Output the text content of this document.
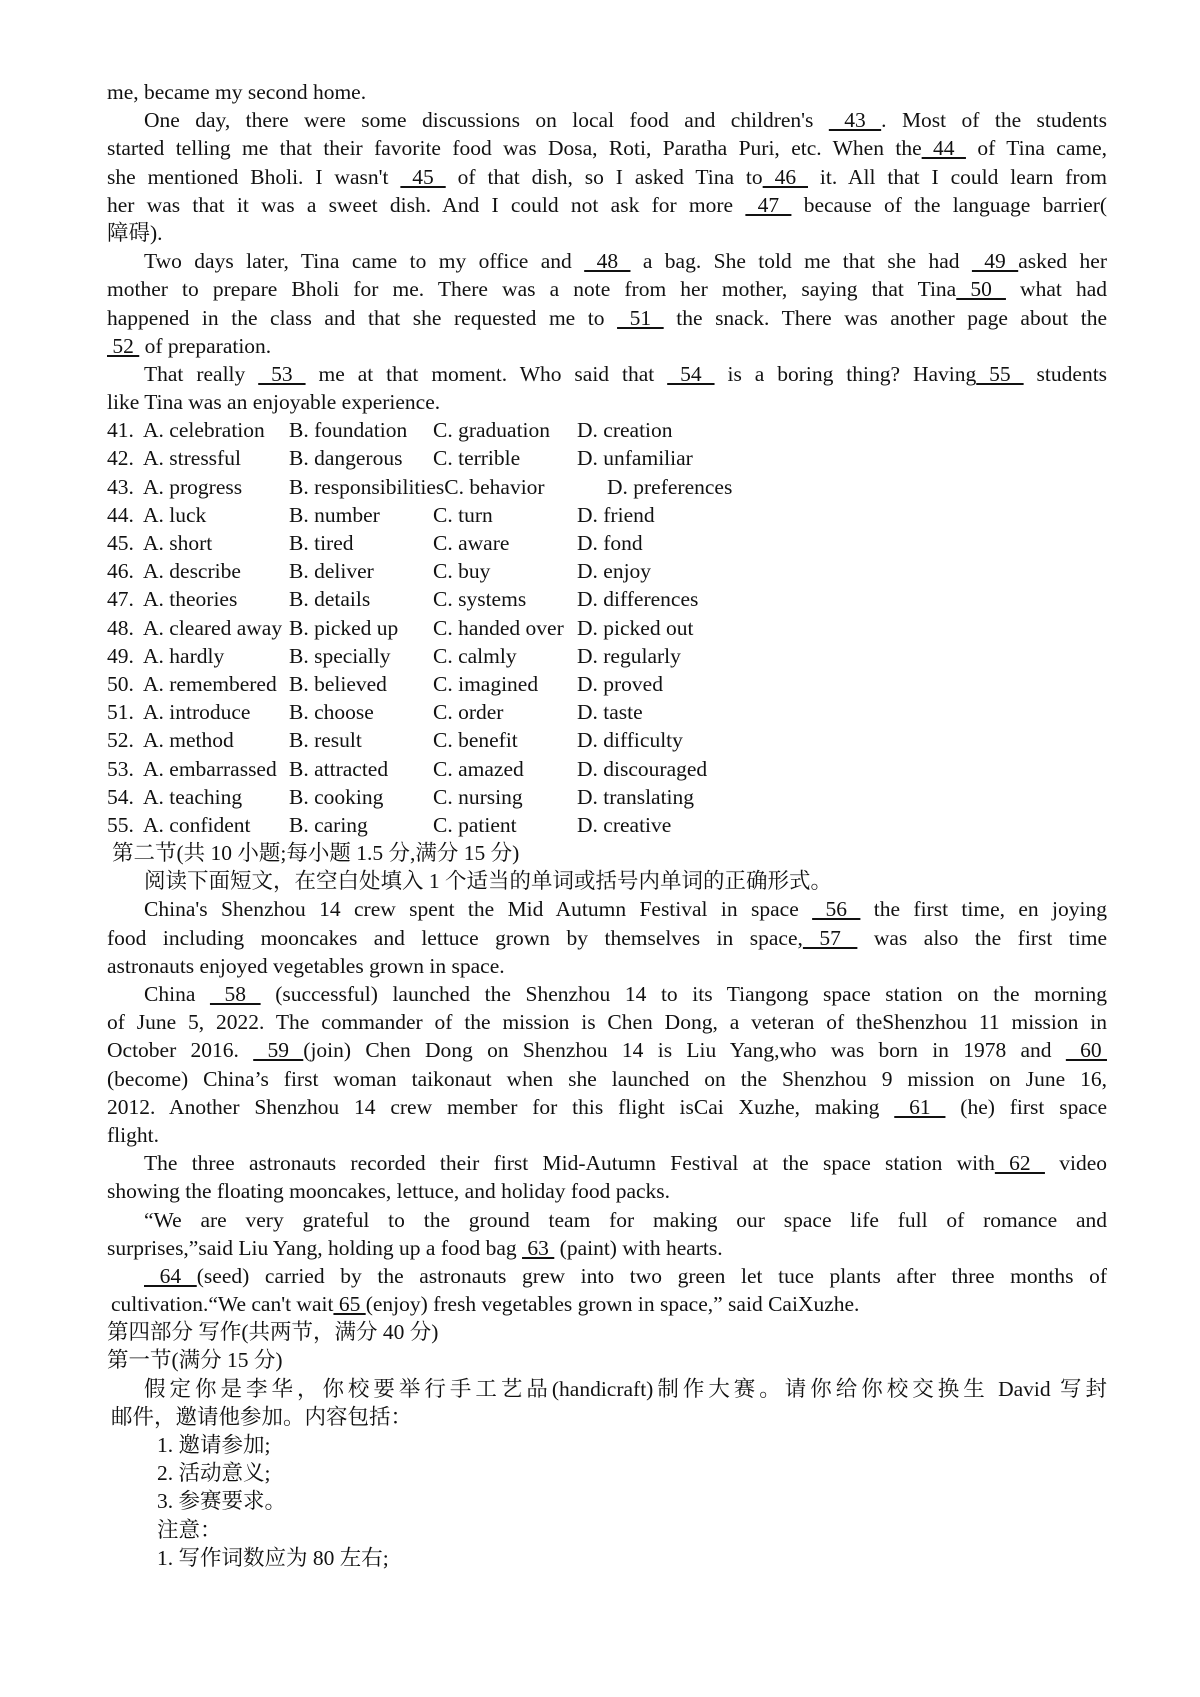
me, became my second home.
One day, there were some discussions on local food and children's  43 . Most of the students
started telling me that their favorite food was Dosa, Roti, Paratha Puri, etc. When the 44  of Tina came,
she mentioned Bholi. I wasn't  45  of that dish, so I asked Tina to 46  it. All that I could learn from
her was that it was a sweet dish. And I could not ask for more  47  because of the language barrier(
障碍).
Two days later, Tina came to my office and  48  a bag. She told me that she had  49 asked her
mother to prepare Bholi for me. There was a note from her mother, saying that Tina 50  what had
happened in the class and that she requested me to  51  the snack. There was another page about the
52  of preparation.
That really  53  me at that moment. Who said that  54  is a boring thing? Having 55  students
like Tina was an enjoyable experience.
41. A. celebration B. foundation C. graduation D. creation
42. A. stressful B. dangerous C. terrible	D. unfamiliar
43. A. progress B. responsibilitiesC. behavior	D. preferences
44. A. luck	B. number C. turn	D. friend
45. A. short	B. tired	C. aware	D. fond
46. A. describe B. deliver	C. buy	D. enjoy
47. A. theories B. details	C. systems D. differences
48. A. cleared away B. picked up C. handed over D. picked out
49. A. hardly	B. specially C. calmly	D. regularly
50. A. remembered B. believed C. imagined D. proved
51. A. introduce B. choose	C. order	D. taste
52. A. method	B. result	C. benefit	D. difficulty
53. A. embarrassed B. attracted C. amazed D. discouraged
54. A. teaching B. cooking C. nursing	D. translating
55. A. confident B. caring	C. patient	D. creative
第二节(共 10 小题;每小题 1.5 分,满分 15 分)
阅读下面短文，在空白处填入 1 个适当的单词或括号内单词的正确形式。
China's Shenzhou 14 crew spent the Mid Autumn Festival in space  56  the first time, en joying
food including mooncakes and lettuce grown by themselves in space, 57  was also the first time
astronauts enjoyed vegetables grown in space.
China  58  (successful) launched the Shenzhou 14 to its Tiangong space station on the morning
of June 5, 2022. The commander of the mission is Chen Dong, a veteran of theShenzhou 11 mission in
October 2016.  59 (join) Chen Dong on Shenzhou 14 is Liu Yang,who was born in 1978 and  60
(become) China’s first woman taikonaut when she launched on the Shenzhou 9 mission on June 16,
2012. Another Shenzhou 14 crew member for this flight isCai Xuzhe, making  61  (he) first space
flight.
The three astronauts recorded their first Mid-Autumn Festival at the space station with 62  video
showing the floating mooncakes, lettuce, and holiday food packs.
“We are very grateful to the ground team for making our space life full of romance and
surprises,”said Liu Yang, holding up a food bag  63  (paint) with hearts.
64 (seed) carried by the astronauts grew into two green let tuce plants after three months of
cultivation.“We can't wait 65 (enjoy) fresh vegetables grown in space,” said CaiXuzhe.
第四部分 写作(共两节，满分 40 分)
第一节(满分 15 分)
假定你是李华，你校要举行手工艺品(handicraft)制作大赛。请你给你校交换生 David 写封
邮件，邀请他参加。内容包括：
1. 邀请参加;
2. 活动意义;
3. 参赛要求。
注意：
1. 写作词数应为 80 左右;
